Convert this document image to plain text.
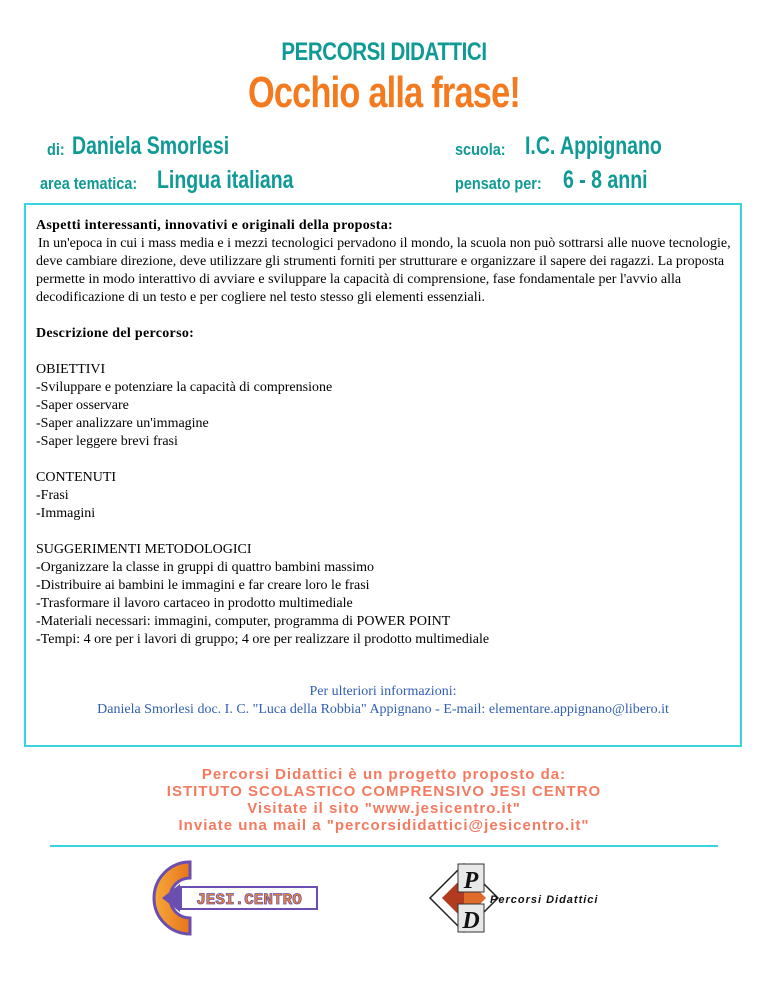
PERCORSI DIDATTICI
Occhio alla frase!
di: Daniela Smorlesi	scuola: I.C. Appignano
area tematica: Lingua italiana	pensato per: 6 - 8 anni

Aspetti interessanti, innovativi e originali della proposta:

In un'epoca in cui i mass media e i mezzi tecnologici pervadono il mondo, la scuola non può sottrarsi alle nuove tecnologie, deve cambiare direzione, deve utilizzare gli strumenti forniti per strutturare e organizzare il sapere dei ragazzi. La proposta permette in modo interattivo di avviare e sviluppare la capacità di comprensione, fase fondamentale per l'avvio alla decodificazione di un testo e per cogliere nel testo stesso gli elementi essenziali.

Descrizione del percorso:

OBIETTIVI

-Sviluppare e potenziare la capacità di comprensione

-Saper osservare

-Saper analizzare un'immagine

-Saper leggere brevi frasi

CONTENUTI

-Frasi

-Immagini

SUGGERIMENTI METODOLOGICI

-Organizzare la classe in gruppi di quattro bambini massimo

-Distribuire ai bambini le immagini e far creare loro le frasi

-Trasformare il lavoro cartaceo in prodotto multimediale

-Materiali necessari: immagini, computer, programma di POWER POINT

-Tempi: 4 ore per i lavori di gruppo; 4 ore per realizzare il prodotto multimediale

Per ulteriori informazioni:
Daniela Smorlesi doc. I. C. "Luca della Robbia" Appignano - E-mail: elementare.appignano@libero.it
Percorsi Didattici è un progetto proposto da:
ISTITUTO SCOLASTICO COMPRENSIVO JESI CENTRO
Visitate il sito "www.jesicentro.it"
Inviate una mail a "percorsididattici@jesicentro.it"
JESI.CENTRO
P
D
Percorsi Didattici
